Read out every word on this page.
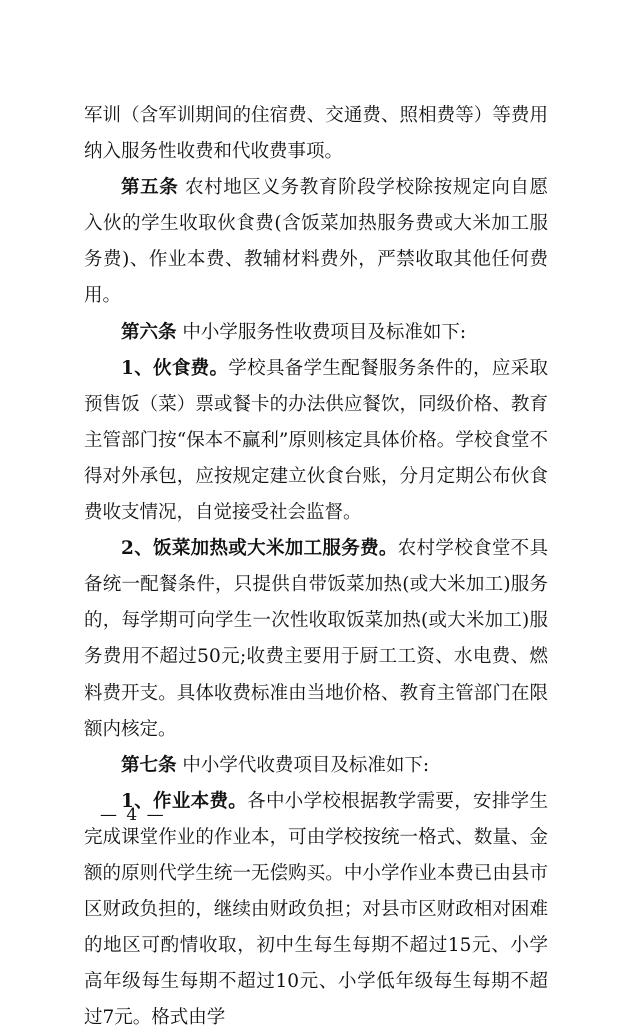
军训（含军训期间的住宿费、交通费、照相费等）等费用纳入服务性收费和代收费事项。

第五条 农村地区义务教育阶段学校除按规定向自愿入伙的学生收取伙食费(含饭菜加热服务费或大米加工服务费)、作业本费、教辅材料费外，严禁收取其他任何费用。

第六条 中小学服务性收费项目及标准如下:

1、伙食费。学校具备学生配餐服务条件的，应采取预售饭（菜）票或餐卡的办法供应餐饮，同级价格、教育主管部门按“保本不赢利”原则核定具体价格。学校食堂不得对外承包，应按规定建立伙食台账，分月定期公布伙食费收支情况，自觉接受社会监督。

2、饭菜加热或大米加工服务费。农村学校食堂不具备统一配餐条件，只提供自带饭菜加热(或大米加工)服务的，每学期可向学生一次性收取饭菜加热(或大米加工)服务费用不超过50元;收费主要用于厨工工资、水电费、燃料费开支。具体收费标准由当地价格、教育主管部门在限额内核定。

第七条 中小学代收费项目及标准如下:

1、作业本费。各中小学校根据教学需要，安排学生完成课堂作业的作业本，可由学校按统一格式、数量、金额的原则代学生统一无偿购买。中小学作业本费已由县市区财政负担的，继续由财政负担；对县市区财政相对困难的地区可酌情收取，初中生每生每期不超过15元、小学高年级每生每期不超过10元、小学低年级每生每期不超过7元。格式由学

— 4 —
